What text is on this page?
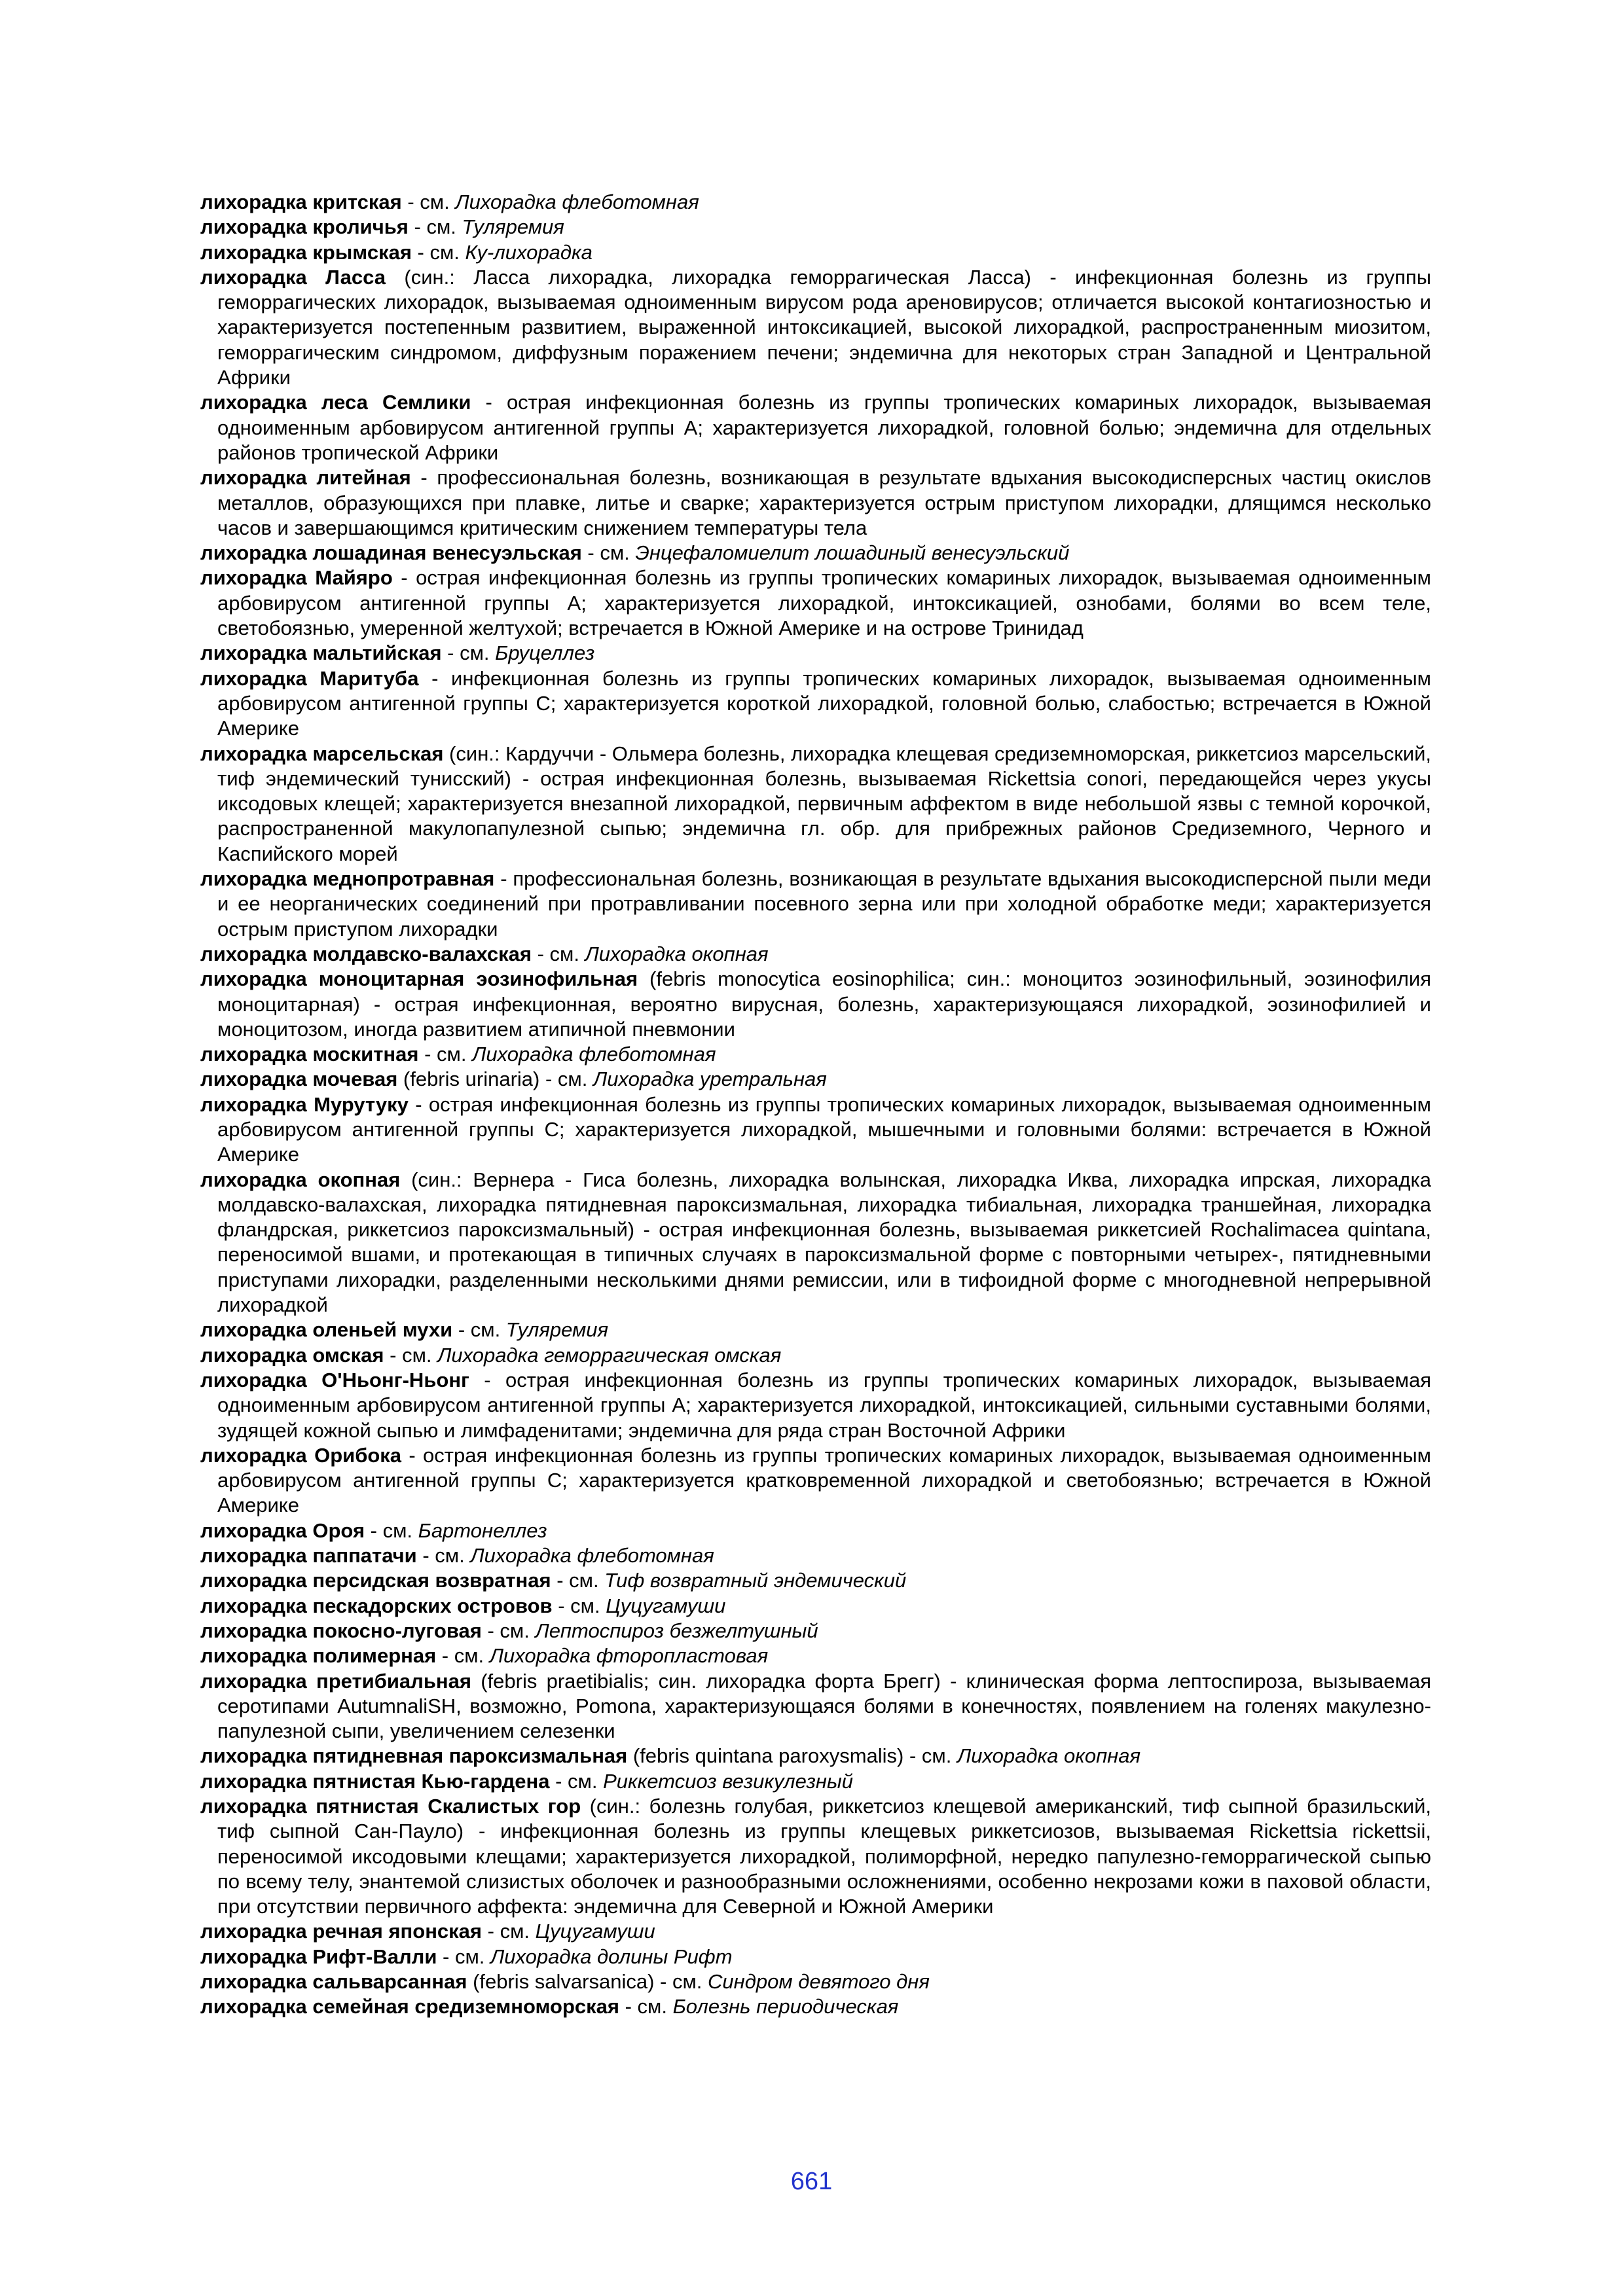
лихорадка критская - см. Лихорадка флеботомная

лихорадка кроличья - см. Туляремия

лихорадка крымская - см. Ку-лихорадка

лихорадка Ласса (син.: Ласса лихорадка, лихорадка геморрагическая Ласса) - инфекционная болезнь из группы геморрагических лихорадок, вызываемая одноименным вирусом рода ареновирусов; отличается высокой контагиозностью и характеризуется постепенным развитием, выраженной интоксикацией, высокой лихорадкой, распространенным миозитом, геморрагическим синдромом, диффузным поражением печени; эндемична для некоторых стран Западной и Центральной Африки

лихорадка леса Семлики - острая инфекционная болезнь из группы тропических комариных лихорадок, вызываемая одноименным арбовирусом антигенной группы А; характеризуется лихорадкой, головной болью; эндемична для отдельных районов тропической Африки

лихорадка литейная - профессиональная болезнь, возникающая в результате вдыхания высокодисперсных частиц окислов металлов, образующихся при плавке, литье и сварке; характеризуется острым приступом лихорадки, длящимся несколько часов и завершающимся критическим снижением температуры тела

лихорадка лошадиная венесуэльская - см. Энцефаломиелит лошадиный венесуэльский

лихорадка Майяро - острая инфекционная болезнь из группы тропических комариных лихорадок, вызываемая одноименным арбовирусом антигенной группы А; характеризуется лихорадкой, интоксикацией, ознобами, болями во всем теле, светобоязнью, умеренной желтухой; встречается в Южной Америке и на острове Тринидад

лихорадка мальтийская - см. Бруцеллез

лихорадка Маритуба - инфекционная болезнь из группы тропических комариных лихорадок, вызываемая одноименным арбовирусом антигенной группы С; характеризуется короткой лихорадкой, головной болью, слабостью; встречается в Южной Америке

лихорадка марсельская (син.: Кардуччи - Ольмера болезнь, лихорадка клещевая средиземноморская, риккетсиоз марсельский, тиф эндемический тунисский) - острая инфекционная болезнь, вызываемая Rickettsia conori, передающейся через укусы иксодовых клещей; характеризуется внезапной лихорадкой, первичным аффектом в виде небольшой язвы с темной корочкой, распространенной макулопапулезной сыпью; эндемична гл. обр. для прибрежных районов Средиземного, Черного и Каспийского морей

лихорадка меднопротравная - профессиональная болезнь, возникающая в результате вдыхания высокодисперсной пыли меди и ее неорганических соединений при протравливании посевного зерна или при холодной обработке меди; характеризуется острым приступом лихорадки

лихорадка молдавско-валахская - см. Лихорадка окопная

лихорадка моноцитарная эозинофильная (febris monocytica eosinophilica; син.: моноцитоз эозинофильный, эозинофилия моноцитарная) - острая инфекционная, вероятно вирусная, болезнь, характеризующаяся лихорадкой, эозинофилией и моноцитозом, иногда развитием атипичной пневмонии

лихорадка москитная - см. Лихорадка флеботомная

лихорадка мочевая (febris urinaria) - см. Лихорадка уретральная

лихорадка Мурутуку - острая инфекционная болезнь из группы тропических комариных лихорадок, вызываемая одноименным арбовирусом антигенной группы С; характеризуется лихорадкой, мышечными и головными болями: встречается в Южной Америке

лихорадка окопная (син.: Вернера - Гиса болезнь, лихорадка волынская, лихорадка Иква, лихорадка ипрская, лихорадка молдавско-валахская, лихорадка пятидневная пароксизмальная, лихорадка тибиальная, лихорадка траншейная, лихорадка фландрская, риккетсиоз пароксизмальный) - острая инфекционная болезнь, вызываемая риккетсией Rochalimacea quintana, переносимой вшами, и протекающая в типичных случаях в пароксизмальной форме с повторными четырех-, пятидневными приступами лихорадки, разделенными несколькими днями ремиссии, или в тифоидной форме с многодневной непрерывной лихорадкой

лихорадка оленьей мухи - см. Туляремия

лихорадка омская - см. Лихорадка геморрагическая омская

лихорадка О'Ньонг-Ньонг - острая инфекционная болезнь из группы тропических комариных лихорадок, вызываемая одноименным арбовирусом антигенной группы А; характеризуется лихорадкой, интоксикацией, сильными суставными болями, зудящей кожной сыпью и лимфаденитами; эндемична для ряда стран Восточной Африки

лихорадка Орибока - острая инфекционная болезнь из группы тропических комариных лихорадок, вызываемая одноименным арбовирусом антигенной группы С; характеризуется кратковременной лихорадкой и светобоязнью; встречается в Южной Америке

лихорадка Ороя - см. Бартонеллез

лихорадка паппатачи - см. Лихорадка флеботомная

лихорадка персидская возвратная - см. Тиф возвратный эндемический

лихорадка пескадорских островов - см. Цуцугамуши

лихорадка покосно-луговая - см. Лептоспироз безжелтушный

лихорадка полимерная - см. Лихорадка фторопластовая

лихорадка претибиальная (febris praetibialis; син. лихорадка форта Брегг) - клиническая форма лептоспироза, вызываемая серотипами AutumnaliSH, возможно, Pomona, характеризующаяся болями в конечностях, появлением на голенях макулезно-папулезной сыпи, увеличением селезенки

лихорадка пятидневная пароксизмальная (febris quintana paroxysmalis) - см. Лихорадка окопная

лихорадка пятнистая Кью-гардена - см. Риккетсиоз везикулезный

лихорадка пятнистая Скалистых гор (син.: болезнь голубая, риккетсиоз клещевой американский, тиф сыпной бразильский, тиф сыпной Сан-Паулo) - инфекционная болезнь из группы клещевых риккетсиозов, вызываемая Rickettsia rickettsii, переносимой иксодовыми клещами; характеризуется лихорадкой, полиморфной, нередко папулезно-геморрагической сыпью по всему телу, энантемой слизистых оболочек и разнообразными осложнениями, особенно некрозами кожи в паховой области, при отсутствии первичного аффекта: эндемична для Северной и Южной Америки

лихорадка речная японская - см. Цуцугамуши

лихорадка Рифт-Валли - см. Лихорадка долины Рифт

лихорадка сальварсанная (febris salvarsanica) - см. Синдром девятого дня

лихорадка семейная средиземноморская - см. Болезнь периодическая

661
